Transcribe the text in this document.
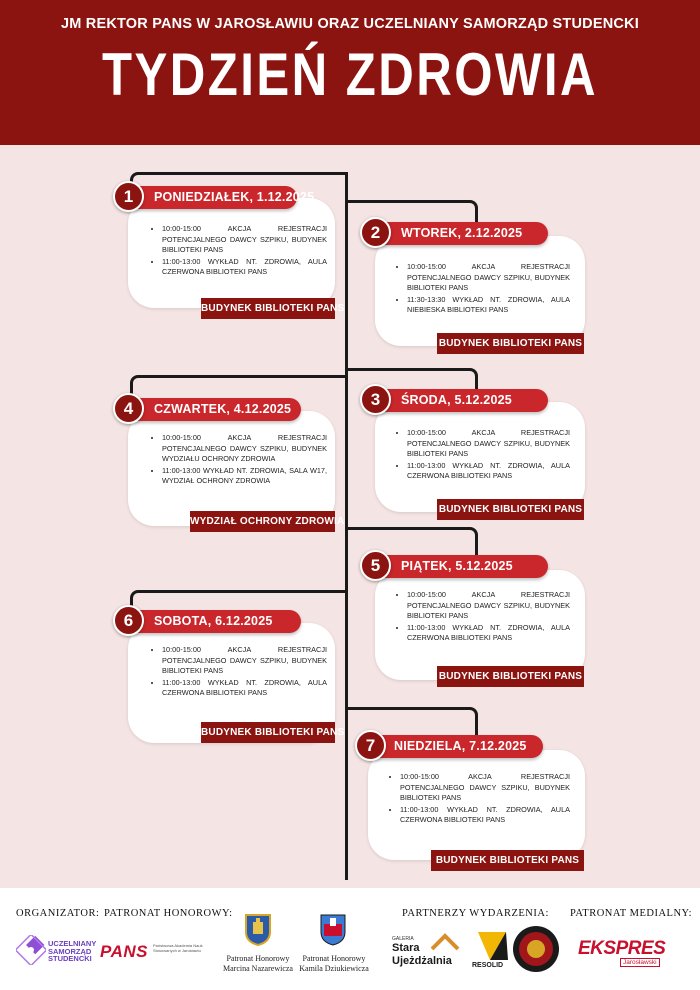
JM REKTOR PANS W JAROSŁAWIU ORAZ UCZELNIANY SAMORZĄD STUDENCKI
TYDZIEŃ ZDROWIA
• 10:00-15:00 AKCJA REJESTRACJI POTENCJALNEGO DAWCY SZPIKU, BUDYNEK BIBLIOTEKI PANS
• 11:00-13:00 WYKŁAD NT. ZDROWIA, AULA CZERWONA BIBLIOTEKI PANS
PONIEDZIAŁEK, 1.12.2025
1
BUDYNEK BIBLIOTEKI PANS
• 10:00-15:00 AKCJA REJESTRACJI POTENCJALNEGO DAWCY SZPIKU, BUDYNEK BIBLIOTEKI PANS
• 11:30-13:30 WYKŁAD NT. ZDROWIA, AULA NIEBIESKA BIBLIOTEKI PANS
WTOREK, 2.12.2025
2
BUDYNEK BIBLIOTEKI PANS
• 10:00-15:00 AKCJA REJESTRACJI POTENCJALNEGO DAWCY SZPIKU, BUDYNEK BIBLIOTEKI PANS
• 11:00-13:00 WYKŁAD NT. ZDROWIA, AULA CZERWONA BIBLIOTEKI PANS
ŚRODA, 5.12.2025
3
BUDYNEK BIBLIOTEKI PANS
• 10:00-15:00 AKCJA REJESTRACJI POTENCJALNEGO DAWCY SZPIKU, BUDYNEK WYDZIAŁU OCHRONY ZDROWIA
• 11:00-13:00 WYKŁAD NT. ZDROWIA, SALA W17, WYDZIAŁ OCHRONY ZDROWIA
CZWARTEK, 4.12.2025
4
WYDZIAŁ OCHRONY ZDROWIA
• 10:00-15:00 AKCJA REJESTRACJI POTENCJALNEGO DAWCY SZPIKU, BUDYNEK BIBLIOTEKI PANS
• 11:00-13:00 WYKŁAD NT. ZDROWIA, AULA CZERWONA BIBLIOTEKI PANS
PIĄTEK, 5.12.2025
5
BUDYNEK BIBLIOTEKI PANS
• 10:00-15:00 AKCJA REJESTRACJI POTENCJALNEGO DAWCY SZPIKU, BUDYNEK BIBLIOTEKI PANS
• 11:00-13:00 WYKŁAD NT. ZDROWIA, AULA CZERWONA BIBLIOTEKI PANS
SOBOTA, 6.12.2025
6
BUDYNEK BIBLIOTEKI PANS
• 10:00-15:00 AKCJA REJESTRACJI POTENCJALNEGO DAWCY SZPIKU, BUDYNEK BIBLIOTEKI PANS
• 11:00-13:00 WYKŁAD NT. ZDROWIA, AULA CZERWONA BIBLIOTEKI PANS
NIEDZIELA, 7.12.2025
7
BUDYNEK BIBLIOTEKI PANS
ORGANIZATOR: PATRONAT HONOROWY:	PARTNERZY WYDARZENIA: PATRONAT MEDIALNY:
UCZELNIANY
SAMORZĄD
STUDENCKI PANS Państwowa Akademia Nauk Stosowanych w Jarosławiu
Patronat Honorowy Marcina Nazarewicza
Patronat Honorowy Kamila Dziukiewicza
GALERIA
Stara Ujeżdżalnia	RESOLID
EKSPRES
Jarosławski
